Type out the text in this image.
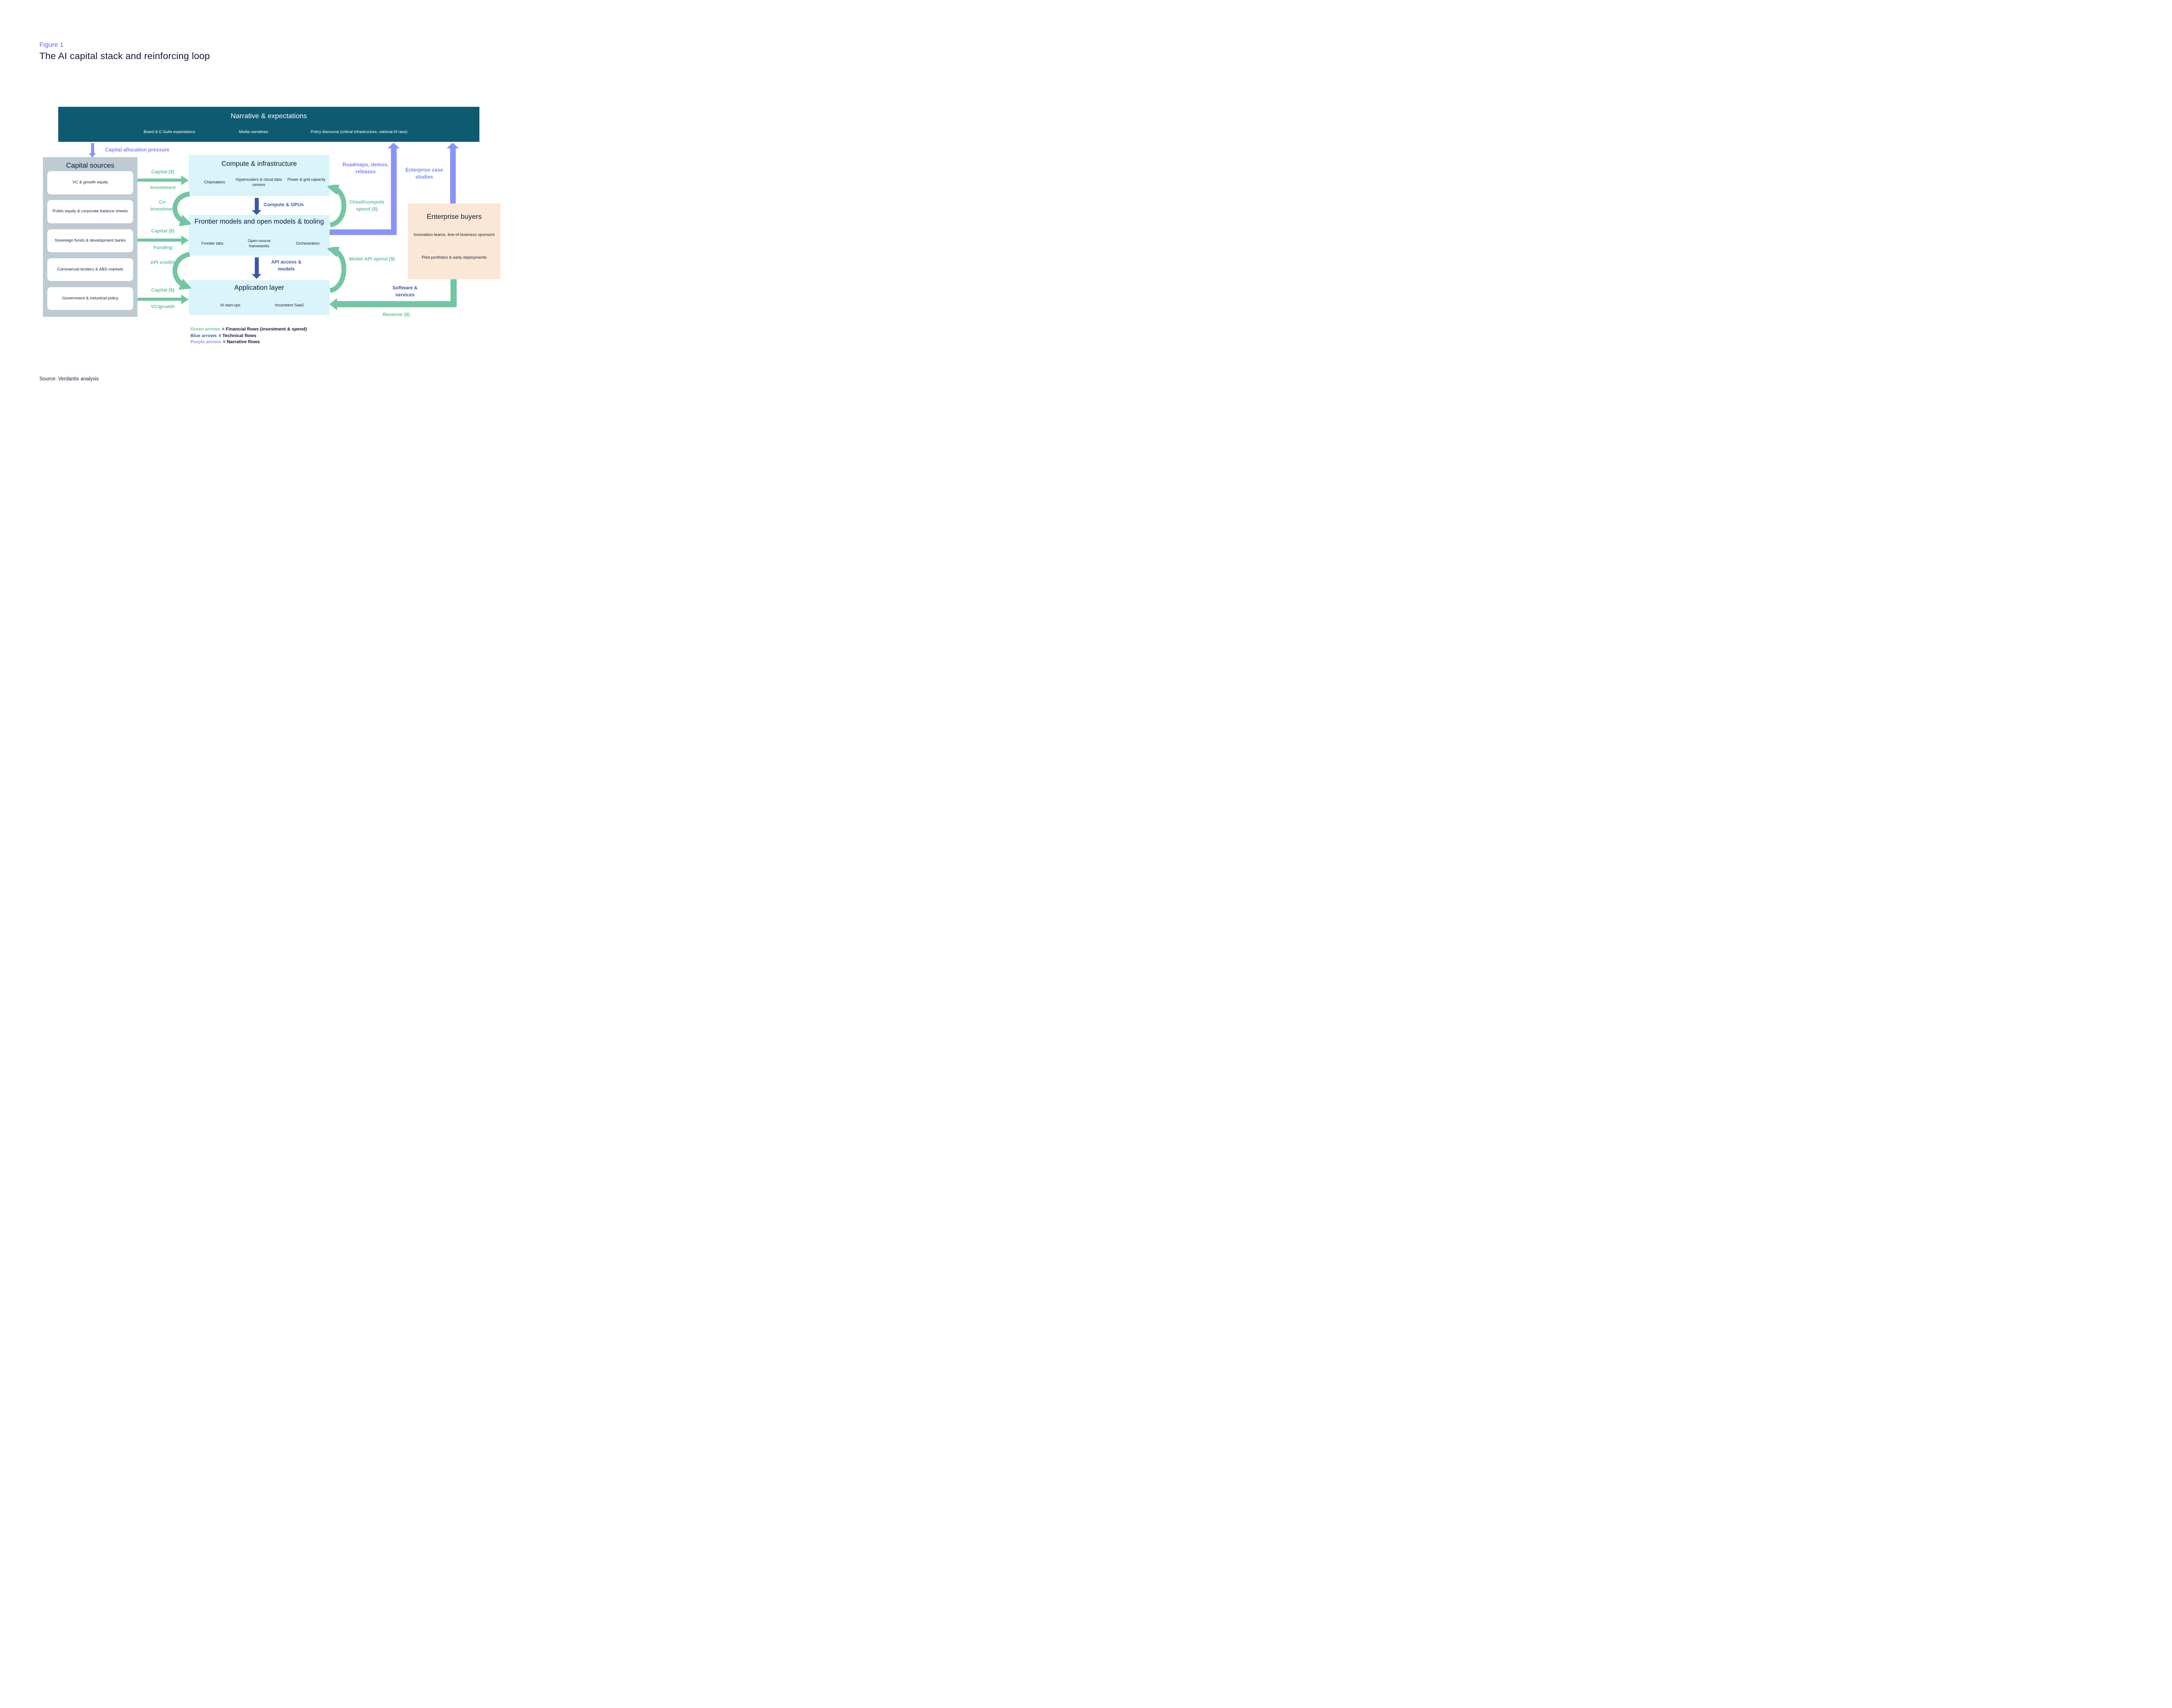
Figure 1
The AI capital stack and reinforcing loop
Narrative & expectations
Board & C-Suite expectations	Media narratives	Policy discourse (critical infrastructure, national AI race)
Capital allocation pressure
Capital sources
VC & growth equity
Public equity & corporate balance sheets
Sovereign funds & development banks
Commercial lenders & ABS markets
Government & industrial policy
Compute & infrastructure
Chipmakers
Hyperscalers & cloud data centres
Power & grid capacity
Frontier models and open models & tooling
Frontier labs
Open-source frameworks
Orchestration
Application layer
AI start-ups	Incumbent SaaS
Enterprise buyers
Innovation teams, line-of-business sponsors
Pilot portfolios & early deployments
Capital ($)
Investment
Capital ($)
Funding
Capital ($)
VC/growth
Co-investment
API credits
Compute & GPUs
API access & models
Cloud/compute spend ($)
Model API spend ($)
Roadmaps, demos, releases	Enterprise case studies
Software & services
Revenue ($)
Green arrows = Financial flows (investment & spend)
Blue arrows = Technical flows
Purple arrows = Narrative flows
Source: Verdantix analysis
